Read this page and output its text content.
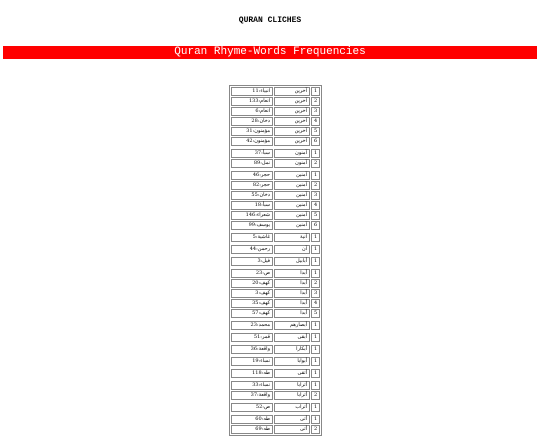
QURAN CLICHES
Quran Rhyme-Words Frequencies
انبياء:11	آخرين	1
انعام:133	آخرين	2
انعام:6	آخرين	3
دخان:28	آخرين	4
مؤمنون:31	آخرين	5
مؤمنون:42	آخرين	6

سبأ:37	آمنون	1
نمل:89	آمنون	2

حجر:46	آمنين	1
حجر:82	آمنين	2
دخان:55	آمنين	3
سبأ:18	آمنين	4
شعراء:146	آمنين	5
يوسف:99	آمنين	6

غاشية:5	آنية	1

رحمن:44	آن	1

فيل:3	أبابيل	1

ص:23	أبدا	1
كهف:20	أبدا	2
كهف:3	أبدا	3
كهف:35	أبدا	4
كهف:57	أبدا	5

محمد:23	أبصارهم	1

قمر:51	أبقى	1

واقعة:36	أبكارا	1

نساء:19	أبوابا	1

طه:118	أتقى	1

نساء:33	أترابا	1
واقعة:37	أترابا	2

ص:52	أتراب	1

طه:60	أتى	1
طه:69	أتى	2
